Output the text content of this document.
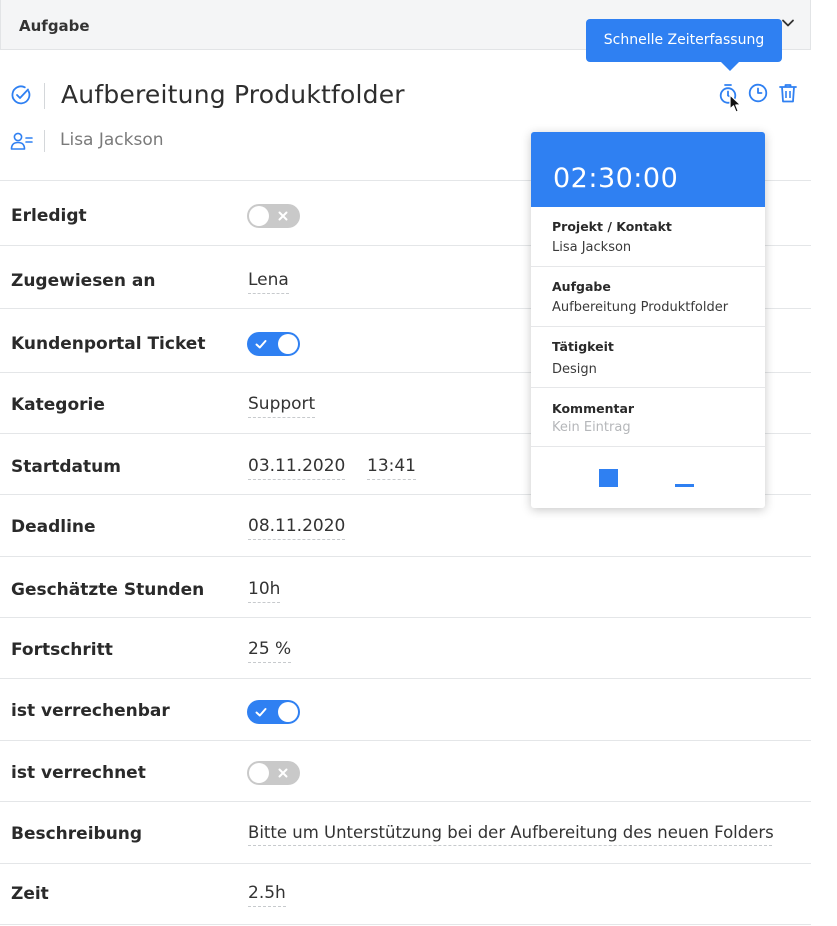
Aufgabe
Aufbereitung Produktfolder
Lisa Jackson
Schnelle Zeiterfassung
Erledigt
Zugewiesen an	Lena
Kundenportal Ticket
Kategorie	Support
Startdatum	03.11.2020 13:41
Deadline	08.11.2020
Geschätzte Stunden	10h
Fortschritt	25 %
ist verrechenbar
ist verrechnet
Beschreibung	Bitte um Unterstützung bei der Aufbereitung des neuen Folders
Zeit	2.5h
02:30:00
Projekt / Kontakt
Lisa Jackson
Aufgabe
Aufbereitung Produktfolder
Tätigkeit
Design
Kommentar
Kein Eintrag
